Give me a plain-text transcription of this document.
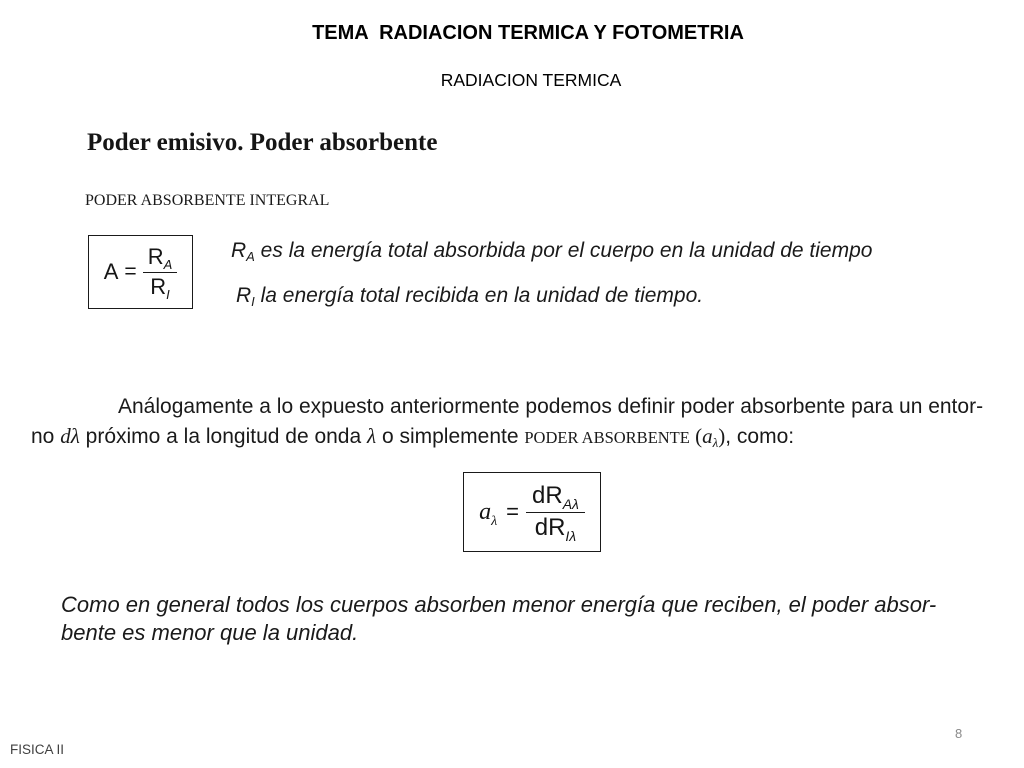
TEMA  RADIACION TERMICA Y FOTOMETRIA
RADIACION TERMICA
Poder emisivo. Poder absorbente
PODER ABSORBENTE INTEGRAL
$A = \frac{R_A}{R_I}$	RA es la energía total absorbida por el cuerpo en la unidad de tiempo
RI la energía total recibida en la unidad de tiempo.
Análogamente a lo expuesto anteriormente podemos definir poder absorbente para un entor-
no dλ próximo a la longitud de onda λ o simplemente PODER ABSORBENTE (aλ), como:
$a_\lambda = \frac{dR_{A\lambda}}{dR_{I\lambda}}$
Como en general todos los cuerpos absorben menor energía que reciben, el poder absor-
bente es menor que la unidad.
8
FISICA II
